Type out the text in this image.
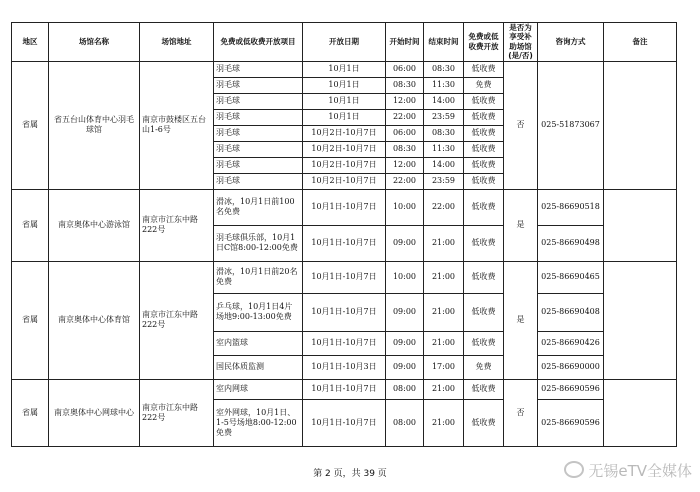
地区	场馆名称	场馆地址	免费或低收费开放项目	开放日期	开始时间	结束时间	免费或低收费开放	是否为享受补助场馆(是/否)	咨询方式	备注
省属	省五台山体育中心羽毛球馆	南京市鼓楼区五台山1-6号	羽毛球	10月1日	06:00	08:30	低收费	否	025-51873067	
			羽毛球	10月1日	08:30	11:30	免费			
			羽毛球	10月1日	12:00	14:00	低收费			
			羽毛球	10月1日	22:00	23:59	低收费			
			羽毛球	10月2日-10月7日	06:00	08:30	低收费			
			羽毛球	10月2日-10月7日	08:30	11:30	低收费			
			羽毛球	10月2日-10月7日	12:00	14:00	低收费			
			羽毛球	10月2日-10月7日	22:00	23:59	低收费			
省属	南京奥体中心游泳馆	南京市江东中路222号	滑冰，10月1日前100名免费	10月1日-10月7日	10:00	22:00	低收费	是	025-86690518	
			羽毛球俱乐部，10月1日C馆8:00-12:00免费	10月1日-10月7日	09:00	21:00	低收费		025-86690498	
省属	南京奥体中心体育馆	南京市江东中路222号	滑冰，10月1日前20名免费	10月1日-10月7日	10:00	21:00	低收费	是	025-86690465	
			乒乓球，10月1日4片场地9:00-13:00免费	10月1日-10月7日	09:00	21:00	低收费		025-86690408	
			室内篮球	10月1日-10月7日	09:00	21:00	低收费		025-86690426	
			国民体质监测	10月1日-10月3日	09:00	17:00	免费		025-86690000	
省属	南京奥体中心网球中心	南京市江东中路222号	室内网球	10月1日-10月7日	08:00	21:00	低收费	否	025-86690596	
			室外网球，10月1日、1-5号场地8:00-12:00免费	10月1日-10月7日	08:00	21:00	低收费		025-86690596	
第 2 页，共 39 页	无锡eTV全媒体
